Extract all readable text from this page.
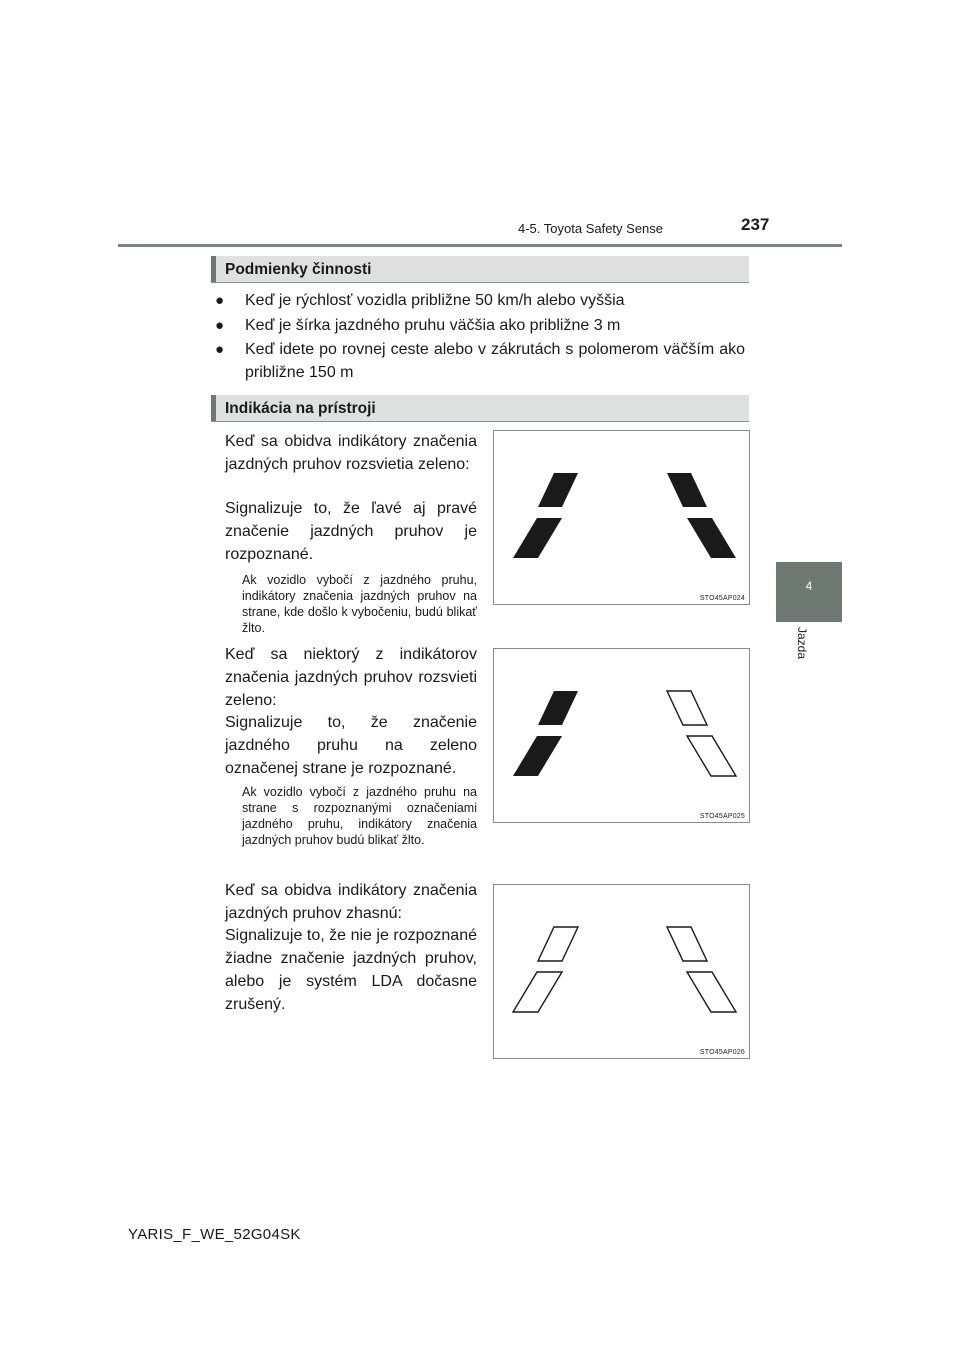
4-5. Toyota Safety Sense	237
4
Jazda
Podmienky činnosti
● Keď je rýchlosť vozidla približne 50 km/h alebo vyššia
● Keď je šírka jazdného pruhu väčšia ako približne 3 m
● Keď idete po rovnej ceste alebo v zákrutách s polomerom väčším ako približne 150 m
Indikácia na prístroji
Keď sa obidva indikátory značenia jazdných pruhov rozsvietia zeleno:
Signalizuje to, že ľavé aj pravé značenie jazdných pruhov je rozpoznané.
Ak vozidlo vybočí z jazdného pruhu, indikátory značenia jazdných pruhov na strane, kde došlo k vybočeniu, budú blikať žlto.
STO45AP024
Keď sa niektorý z indikátorov značenia jazdných pruhov rozsvieti zeleno:
Signalizuje to, že značenie jazdného pruhu na zeleno označenej strane je rozpoznané.
Ak vozidlo vybočí z jazdného pruhu na strane s rozpoznanými označeniami jazdného pruhu, indikátory značenia jazdných pruhov budú blikať žlto.
STO45AP025
Keď sa obidva indikátory značenia jazdných pruhov zhasnú:
Signalizuje to, že nie je rozpoznané žiadne značenie jazdných pruhov, alebo je systém LDA dočasne zrušený.
STO45AP026
YARIS_F_WE_52G04SK
